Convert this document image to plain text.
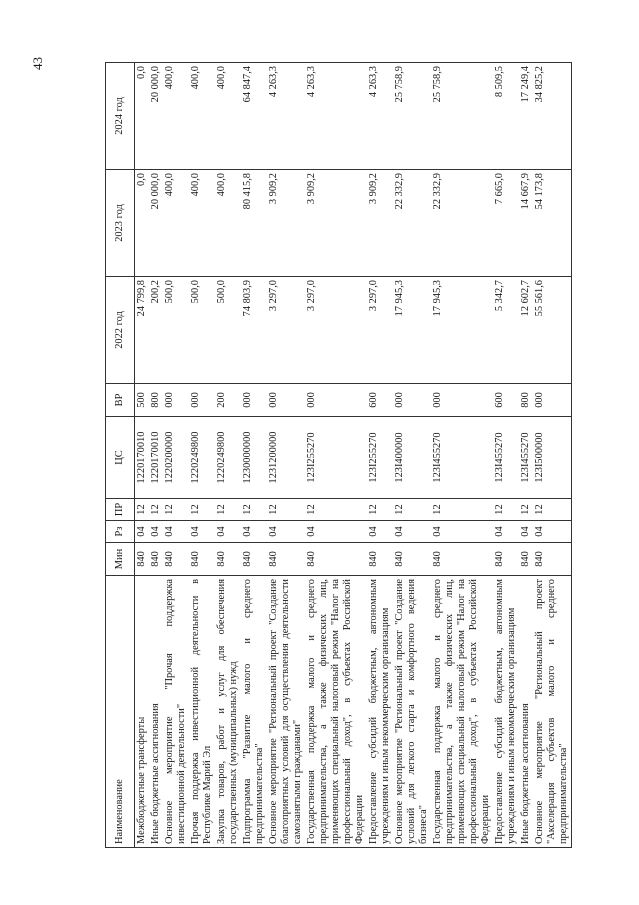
43
Наименование	Мин	Рз	ПР	ЦС	ВР	2022 год	2023 год	2024 год
Межбюджетные трансферты	840	04	12	1220170010	500	24 799,8	0,0	0,0
Иные бюджетные ассигнования	840	04	12	1220170010	800	200,2	20 000,0	20 000,0
Основное мероприятие "Прочая поддержка инвестиционной деятельности"	840	04	12	1220200000	000	500,0	400,0	400,0
Прочая поддержка инвестиционной деятельности в Республике Марий Эл	840	04	12	1220249800	000	500,0	400,0	400,0
Закупка товаров, работ и услуг для обеспечения государственных (муниципальных) нужд	840	04	12	1220249800	200	500,0	400,0	400,0
Подпрограмма "Развитие малого и среднего предпринимательства"	840	04	12	1230000000	000	74 803,9	80 415,8	64 847,4
Основное мероприятие "Региональный проект "Создание благоприятных условий для осуществления деятельности самозанятыми гражданами"	840	04	12	1231200000	000	3 297,0	3 909,2	4 263,3
Государственная поддержка малого и среднего предпринимательства, а также физических лиц, применяющих специальный налоговый режим "Налог на профессиональный доход", в субъектах Российской Федерации	840	04	12	123I255270	000	3 297,0	3 909,2	4 263,3
Предоставление субсидий бюджетным, автономным учреждениям и иным некоммерческим организациям	840	04	12	123I255270	600	3 297,0	3 909,2	4 263,3
Основное мероприятие "Региональный проект "Создание условий для легкого старта и комфортного ведения бизнеса"	840	04	12	123I400000	000	17 945,3	22 332,9	25 758,9
Государственная поддержка малого и среднего предпринимательства, а также физических лиц, применяющих специальный налоговый режим "Налог на профессиональный доход", в субъектах Российской Федерации	840	04	12	123I455270	000	17 945,3	22 332,9	25 758,9
Предоставление субсидий бюджетным, автономным учреждениям и иным некоммерческим организациям	840	04	12	123I455270	600	5 342,7	7 665,0	8 509,5
Иные бюджетные ассигнования	840	04	12	123I455270	800	12 602,7	14 667,9	17 249,4
Основное мероприятие "Региональный проект "Акселерация субъектов малого и среднего предпринимательства"	840	04	12	123I500000	000	55 561,6	54 173,8	34 825,2
